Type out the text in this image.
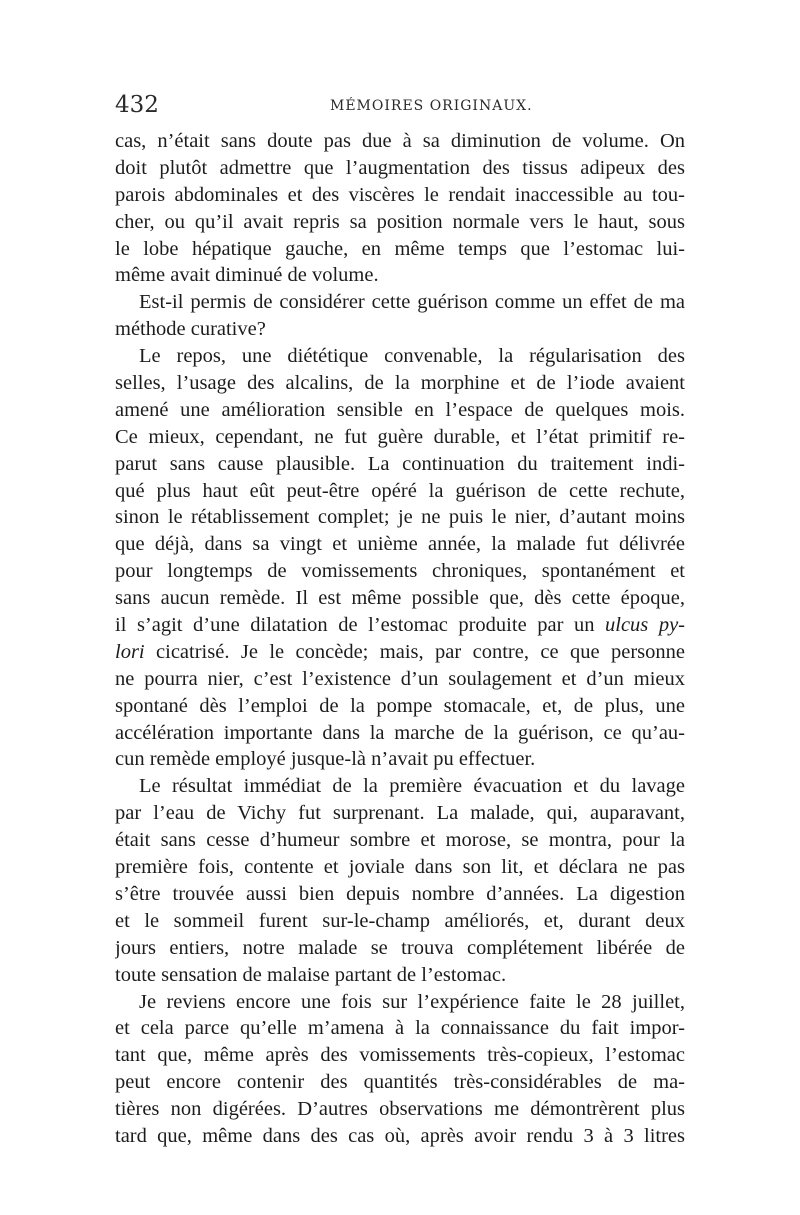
432	MÉMOIRES ORIGINAUX.
cas, n’était sans doute pas due à sa diminution de volume. On
doit plutôt admettre que l’augmentation des tissus adipeux des
parois abdominales et des viscères le rendait inaccessible au tou-
cher, ou qu’il avait repris sa position normale vers le haut, sous
le lobe hépatique gauche, en même temps que l’estomac lui-
même avait diminué de volume.
Est-il permis de considérer cette guérison comme un effet de ma
méthode curative?
Le repos, une diététique convenable, la régularisation des
selles, l’usage des alcalins, de la morphine et de l’iode avaient
amené une amélioration sensible en l’espace de quelques mois.
Ce mieux, cependant, ne fut guère durable, et l’état primitif re-
parut sans cause plausible. La continuation du traitement indi-
qué plus haut eût peut-être opéré la guérison de cette rechute,
sinon le rétablissement complet; je ne puis le nier, d’autant moins
que déjà, dans sa vingt et unième année, la malade fut délivrée
pour longtemps de vomissements chroniques, spontanément et
sans aucun remède. Il est même possible que, dès cette époque,
il s’agit d’une dilatation de l’estomac produite par un ulcus py-
lori cicatrisé. Je le concède; mais, par contre, ce que personne
ne pourra nier, c’est l’existence d’un soulagement et d’un mieux
spontané dès l’emploi de la pompe stomacale, et, de plus, une
accélération importante dans la marche de la guérison, ce qu’au-
cun remède employé jusque-là n’avait pu effectuer.
Le résultat immédiat de la première évacuation et du lavage
par l’eau de Vichy fut surprenant. La malade, qui, auparavant,
était sans cesse d’humeur sombre et morose, se montra, pour la
première fois, contente et joviale dans son lit, et déclara ne pas
s’être trouvée aussi bien depuis nombre d’années. La digestion
et le sommeil furent sur-le-champ améliorés, et, durant deux
jours entiers, notre malade se trouva complétement libérée de
toute sensation de malaise partant de l’estomac.
Je reviens encore une fois sur l’expérience faite le 28 juillet,
et cela parce qu’elle m’amena à la connaissance du fait impor-
tant que, même après des vomissements très-copieux, l’estomac
peut encore contenir des quantités très-considérables de ma-
tières non digérées. D’autres observations me démontrèrent plus
tard que, même dans des cas où, après avoir rendu 3 à 3 litres
